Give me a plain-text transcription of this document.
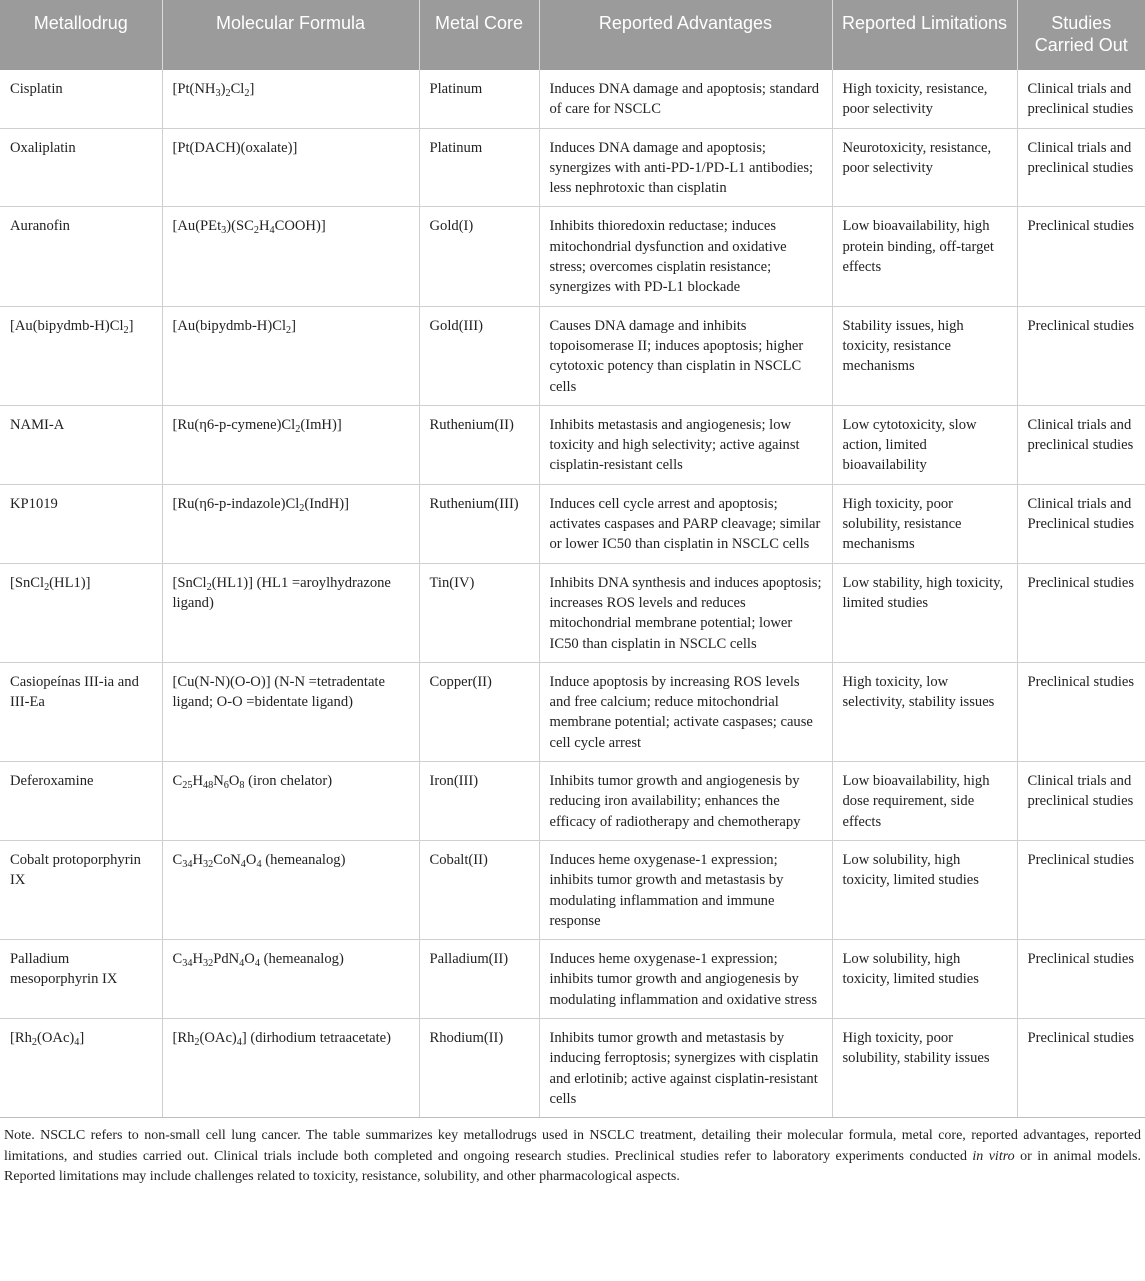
Metallodrug	Molecular Formula	Metal Core	Reported Advantages	Reported Limitations	Studies Carried Out
Cisplatin	$[Pt(NH_3)_2Cl_2]$	Platinum	Induces DNA damage and apoptosis; standard of care for NSCLC	High toxicity, resistance, poor selectivity	Clinical trials and preclinical studies
Oxaliplatin	[Pt(DACH)(oxalate)]	Platinum	Induces DNA damage and apoptosis; synergizes with anti-PD-1/PD-L1 antibodies; less nephrotoxic than cisplatin	Neurotoxicity, resistance, poor selectivity	Clinical trials and preclinical studies
Auranofin	$[Au(PEt_3)(SC_2H_4COOH)]$	Gold(I)	Inhibits thioredoxin reductase; induces mitochondrial dysfunction and oxidative stress; overcomes cisplatin resistance; synergizes with PD-L1 blockade	Low bioavailability, high protein binding, off-target effects	Preclinical studies
$[Au(bipydmb-H)Cl_2]$	$[Au(bipydmb-H)Cl_2]$	Gold(III)	Causes DNA damage and inhibits topoisomerase II; induces apoptosis; higher cytotoxic potency than cisplatin in NSCLC cells	Stability issues, high toxicity, resistance mechanisms	Preclinical studies
NAMI-A	$[Ru(\eta 6-p-cymene)Cl_2(ImH)]$	Ruthenium(II)	Inhibits metastasis and angiogenesis; low toxicity and high selectivity; active against cisplatin-resistant cells	Low cytotoxicity, slow action, limited bioavailability	Clinical trials and preclinical studies
KP1019	$[Ru(\eta 6-p-indazole)Cl_2(IndH)]$	Ruthenium(III)	Induces cell cycle arrest and apoptosis; activates caspases and PARP cleavage; similar or lower IC50 than cisplatin in NSCLC cells	High toxicity, poor solubility, resistance mechanisms	Clinical trials and Preclinical studies
[SnCl$_2$(HL1)]	[SnCl$_2$(HL1)] (HL1 =aroylhydrazone ligand)	Tin(IV)	Inhibits DNA synthesis and induces apoptosis; increases ROS levels and reduces mitochondrial membrane potential; lower IC50 than cisplatin in NSCLC cells	Low stability, high toxicity, limited studies	Preclinical studies
Casiopeínas III-ia and III-Ea	[Cu(N-N)(O-O)] (N-N =tetradentate ligand; O-O =bidentate ligand)	Copper(II)	Induce apoptosis by increasing ROS levels and free calcium; reduce mitochondrial membrane potential; activate caspases; cause cell cycle arrest	High toxicity, low selectivity, stability issues	Preclinical studies
Deferoxamine	$C_{25}H_{48}N_6O_8$ (iron chelator)	Iron(III)	Inhibits tumor growth and angiogenesis by reducing iron availability; enhances the efficacy of radiotherapy and chemotherapy	Low bioavailability, high dose requirement, side effects	Clinical trials and preclinical studies
Cobalt protoporphyrin IX	$C_{34}H_{32}CoN_4O_4$ (hemeanalog)	Cobalt(II)	Induces heme oxygenase-1 expression; inhibits tumor growth and metastasis by modulating inflammation and immune response	Low solubility, high toxicity, limited studies	Preclinical studies
Palladium mesoporphyrin IX	$C_{34}H_{32}PdN_4O_4$ (hemeanalog)	Palladium(II)	Induces heme oxygenase-1 expression; inhibits tumor growth and angiogenesis by modulating inflammation and oxidative stress	Low solubility, high toxicity, limited studies	Preclinical studies
$[Rh_2(OAc)_4]$	$[Rh_2(OAc)_4]$ (dirhodium tetraacetate)	Rhodium(II)	Inhibits tumor growth and metastasis by inducing ferroptosis; synergizes with cisplatin and erlotinib; active against cisplatin-resistant cells	High toxicity, poor solubility, stability issues	Preclinical studies
Note. NSCLC refers to non-small cell lung cancer. The table summarizes key metallodrugs used in NSCLC treatment, detailing their molecular formula, metal core, reported advantages, reported limitations, and studies carried out. Clinical trials include both completed and ongoing research studies. Preclinical studies refer to laboratory experiments conducted in vitro or in animal models. Reported limitations may include challenges related to toxicity, resistance, solubility, and other pharmacological aspects.
